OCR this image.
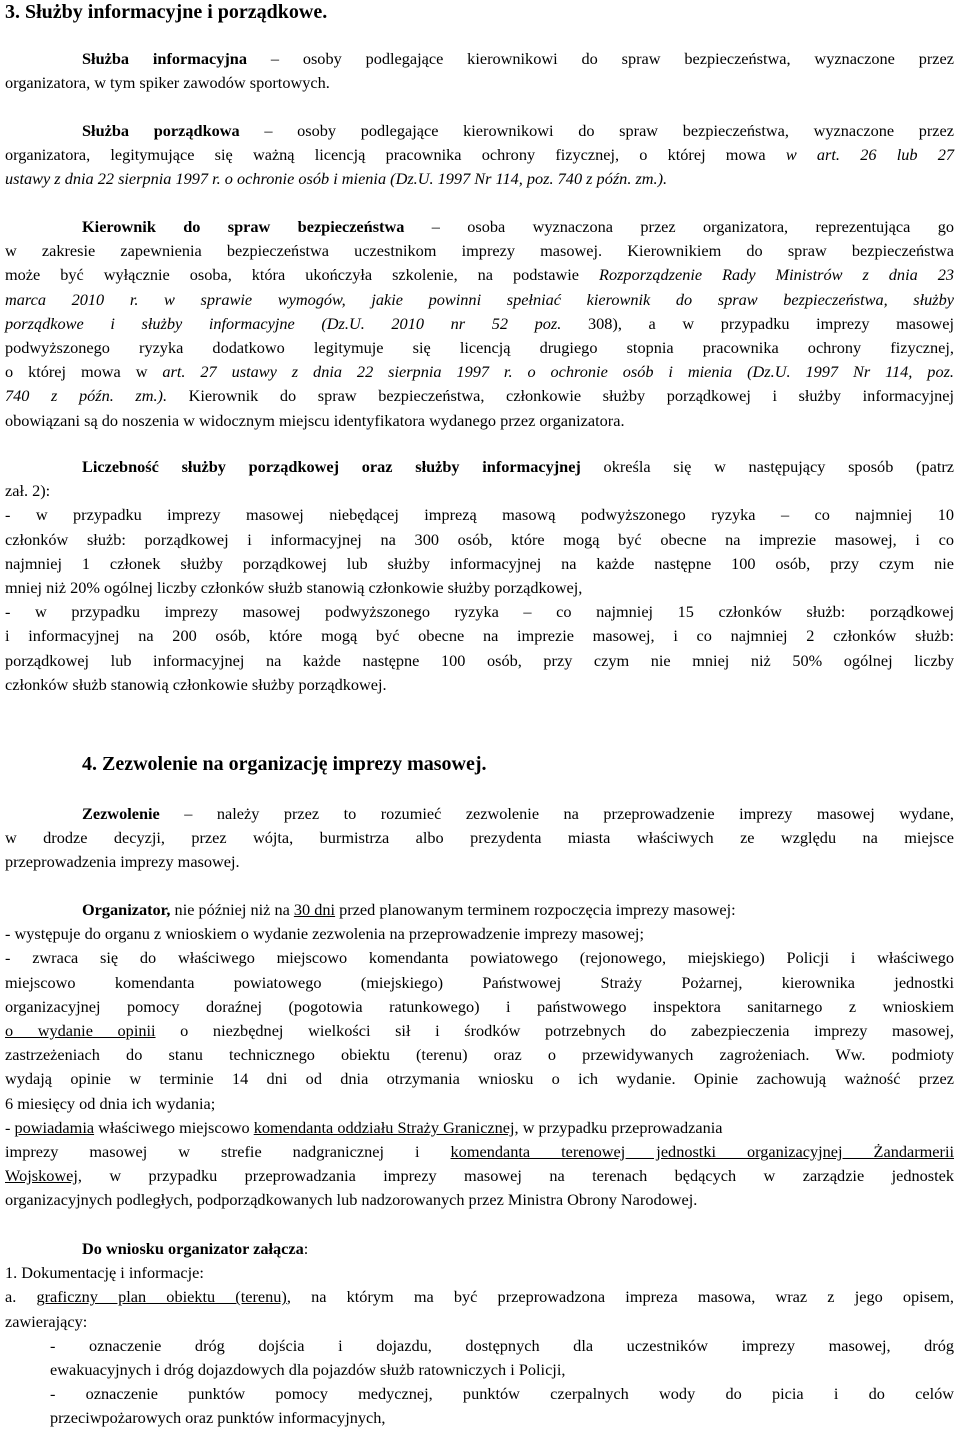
3. Służby informacyjne i porządkowe.
Służba informacyjna – osoby podlegające kierownikowi do spraw bezpieczeństwa, wyznaczone przez
organizatora, w tym spiker zawodów sportowych.
Służba porządkowa – osoby podlegające kierownikowi do spraw bezpieczeństwa, wyznaczone przez
organizatora, legitymujące się ważną licencją pracownika ochrony fizycznej, o której mowa w art. 26 lub 27
ustawy z dnia 22 sierpnia 1997 r. o ochronie osób i mienia (Dz.U. 1997 Nr 114, poz. 740 z późn. zm.).
Kierownik do spraw bezpieczeństwa – osoba wyznaczona przez organizatora, reprezentująca go
w zakresie zapewnienia bezpieczeństwa uczestnikom imprezy masowej. Kierownikiem do spraw bezpieczeństwa
może być wyłącznie osoba, która ukończyła szkolenie, na podstawie Rozporządzenie Rady Ministrów z dnia 23
marca 2010 r. w sprawie wymogów, jakie powinni spełniać kierownik do spraw bezpieczeństwa, służby
porządkowe i służby informacyjne (Dz.U. 2010 nr 52 poz. 308), a w przypadku imprezy masowej
podwyższonego ryzyka dodatkowo legitymuje się licencją drugiego stopnia pracownika ochrony fizycznej,
o której mowa w art. 27 ustawy z dnia 22 sierpnia 1997 r. o ochronie osób i mienia (Dz.U. 1997 Nr 114, poz.
740 z późn. zm.). Kierownik do spraw bezpieczeństwa, członkowie służby porządkowej i służby informacyjnej
obowiązani są do noszenia w widocznym miejscu identyfikatora wydanego przez organizatora.
Liczebność służby porządkowej oraz służby informacyjnej określa się w następujący sposób (patrz
zał. 2):
- w przypadku imprezy masowej niebędącej imprezą masową podwyższonego ryzyka – co najmniej 10
członków służb: porządkowej i informacyjnej na 300 osób, które mogą być obecne na imprezie masowej, i co
najmniej 1 członek służby porządkowej lub służby informacyjnej na każde następne 100 osób, przy czym nie
mniej niż 20% ogólnej liczby członków służb stanowią członkowie służby porządkowej,
- w przypadku imprezy masowej podwyższonego ryzyka – co najmniej 15 członków służb: porządkowej
i informacyjnej na 200 osób, które mogą być obecne na imprezie masowej, i co najmniej 2 członków służb:
porządkowej lub informacyjnej na każde następne 100 osób, przy czym nie mniej niż 50% ogólnej liczby
członków służb stanowią członkowie służby porządkowej.
4. Zezwolenie na organizację imprezy masowej.
Zezwolenie – należy przez to rozumieć zezwolenie na przeprowadzenie imprezy masowej wydane,
w drodze decyzji, przez wójta, burmistrza albo prezydenta miasta właściwych ze względu na miejsce
przeprowadzenia imprezy masowej.
Organizator, nie później niż na 30 dni przed planowanym terminem rozpoczęcia imprezy masowej:
- występuje do organu z wnioskiem o wydanie zezwolenia na przeprowadzenie imprezy masowej;
- zwraca się do właściwego miejscowo komendanta powiatowego (rejonowego, miejskiego) Policji i właściwego
miejscowo komendanta powiatowego (miejskiego) Państwowej Straży Pożarnej, kierownika jednostki
organizacyjnej pomocy doraźnej (pogotowia ratunkowego) i państwowego inspektora sanitarnego z wnioskiem
o wydanie opinii o niezbędnej wielkości sił i środków potrzebnych do zabezpieczenia imprezy masowej,
zastrzeżeniach do stanu technicznego obiektu (terenu) oraz o przewidywanych zagrożeniach. Ww. podmioty
wydają opinie w terminie 14 dni od dnia otrzymania wniosku o ich wydanie. Opinie zachowują ważność przez
6 miesięcy od dnia ich wydania;
- powiadamia właściwego miejscowo komendanta oddziału Straży Granicznej, w przypadku przeprowadzania
imprezy masowej w strefie nadgranicznej i komendanta terenowej jednostki organizacyjnej Żandarmerii
Wojskowej, w przypadku przeprowadzania imprezy masowej na terenach będących w zarządzie jednostek
organizacyjnych podległych, podporządkowanych lub nadzorowanych przez Ministra Obrony Narodowej.
Do wniosku organizator załącza:
1. Dokumentację i informacje:
a. graficzny plan obiektu (terenu), na którym ma być przeprowadzona impreza masowa, wraz z jego opisem,
zawierający:
- oznaczenie dróg dojścia i dojazdu, dostępnych dla uczestników imprezy masowej, dróg
ewakuacyjnych i dróg dojazdowych dla pojazdów służb ratowniczych i Policji,
- oznaczenie punktów pomocy medycznej, punktów czerpalnych wody do picia i do celów
przeciwpożarowych oraz punktów informacyjnych,
